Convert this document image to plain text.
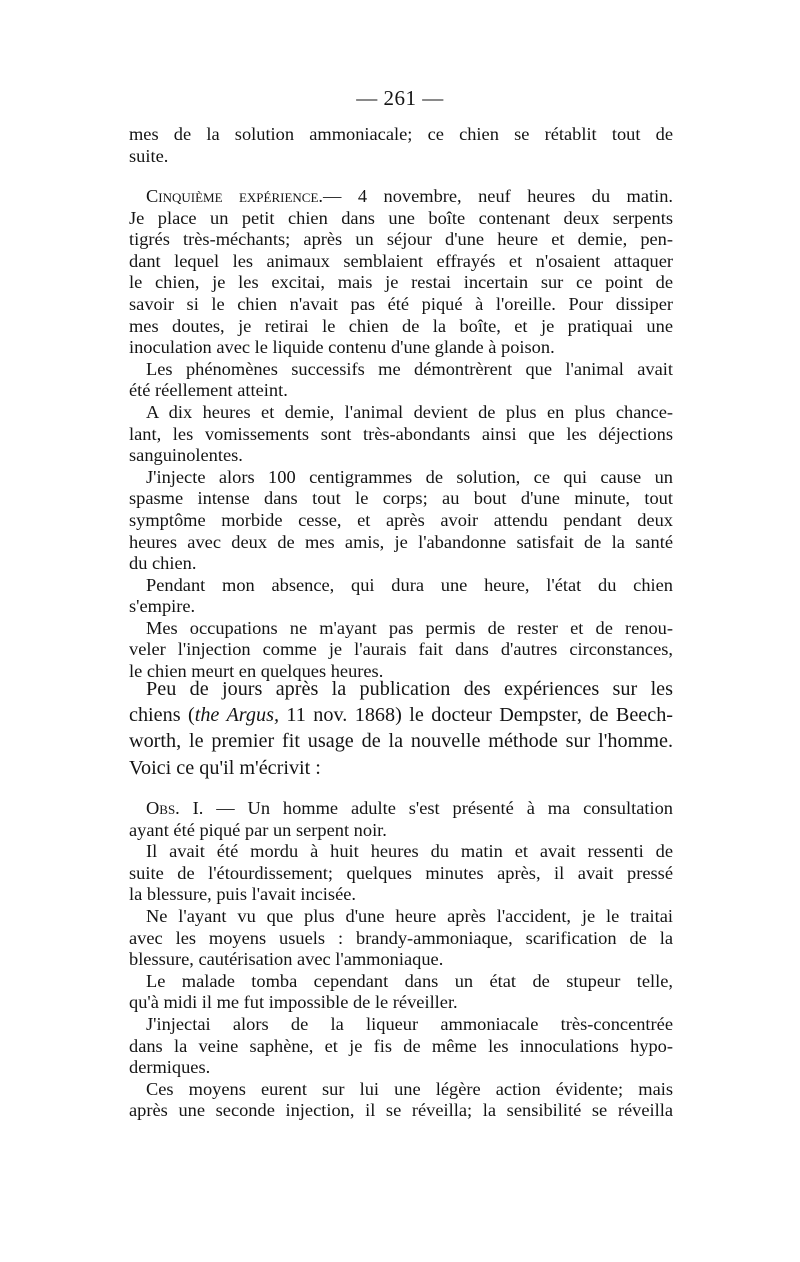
— 261 —
mes de la solution ammoniacale; ce chien se rétablit tout de
suite.
Cinquième expérience.— 4 novembre, neuf heures du matin.
Je place un petit chien dans une boîte contenant deux serpents
tigrés très-méchants; après un séjour d'une heure et demie, pen-
dant lequel les animaux semblaient effrayés et n'osaient attaquer
le chien, je les excitai, mais je restai incertain sur ce point de
savoir si le chien n'avait pas été piqué à l'oreille. Pour dissiper
mes doutes, je retirai le chien de la boîte, et je pratiquai une
inoculation avec le liquide contenu d'une glande à poison.
Les phénomènes successifs me démontrèrent que l'animal avait
été réellement atteint.
A dix heures et demie, l'animal devient de plus en plus chance-
lant, les vomissements sont très-abondants ainsi que les déjections
sanguinolentes.
J'injecte alors 100 centigrammes de solution, ce qui cause un
spasme intense dans tout le corps; au bout d'une minute, tout
symptôme morbide cesse, et après avoir attendu pendant deux
heures avec deux de mes amis, je l'abandonne satisfait de la santé
du chien.
Pendant mon absence, qui dura une heure, l'état du chien
s'empire.
Mes occupations ne m'ayant pas permis de rester et de renou-
veler l'injection comme je l'aurais fait dans d'autres circonstances,
le chien meurt en quelques heures.
Peu de jours après la publication des expériences sur les
chiens (the Argus, 11 nov. 1868) le docteur Dempster, de Beech-
worth, le premier fit usage de la nouvelle méthode sur l'homme.
Voici ce qu'il m'écrivit :
Obs. I. — Un homme adulte s'est présenté à ma consultation
ayant été piqué par un serpent noir.
Il avait été mordu à huit heures du matin et avait ressenti de
suite de l'étourdissement; quelques minutes après, il avait pressé
la blessure, puis l'avait incisée.
Ne l'ayant vu que plus d'une heure après l'accident, je le traitai
avec les moyens usuels : brandy-ammoniaque, scarification de la
blessure, cautérisation avec l'ammoniaque.
Le malade tomba cependant dans un état de stupeur telle,
qu'à midi il me fut impossible de le réveiller.
J'injectai alors de la liqueur ammoniacale très-concentrée
dans la veine saphène, et je fis de même les innoculations hypo-
dermiques.
Ces moyens eurent sur lui une légère action évidente; mais
après une seconde injection, il se réveilla; la sensibilité se réveilla
